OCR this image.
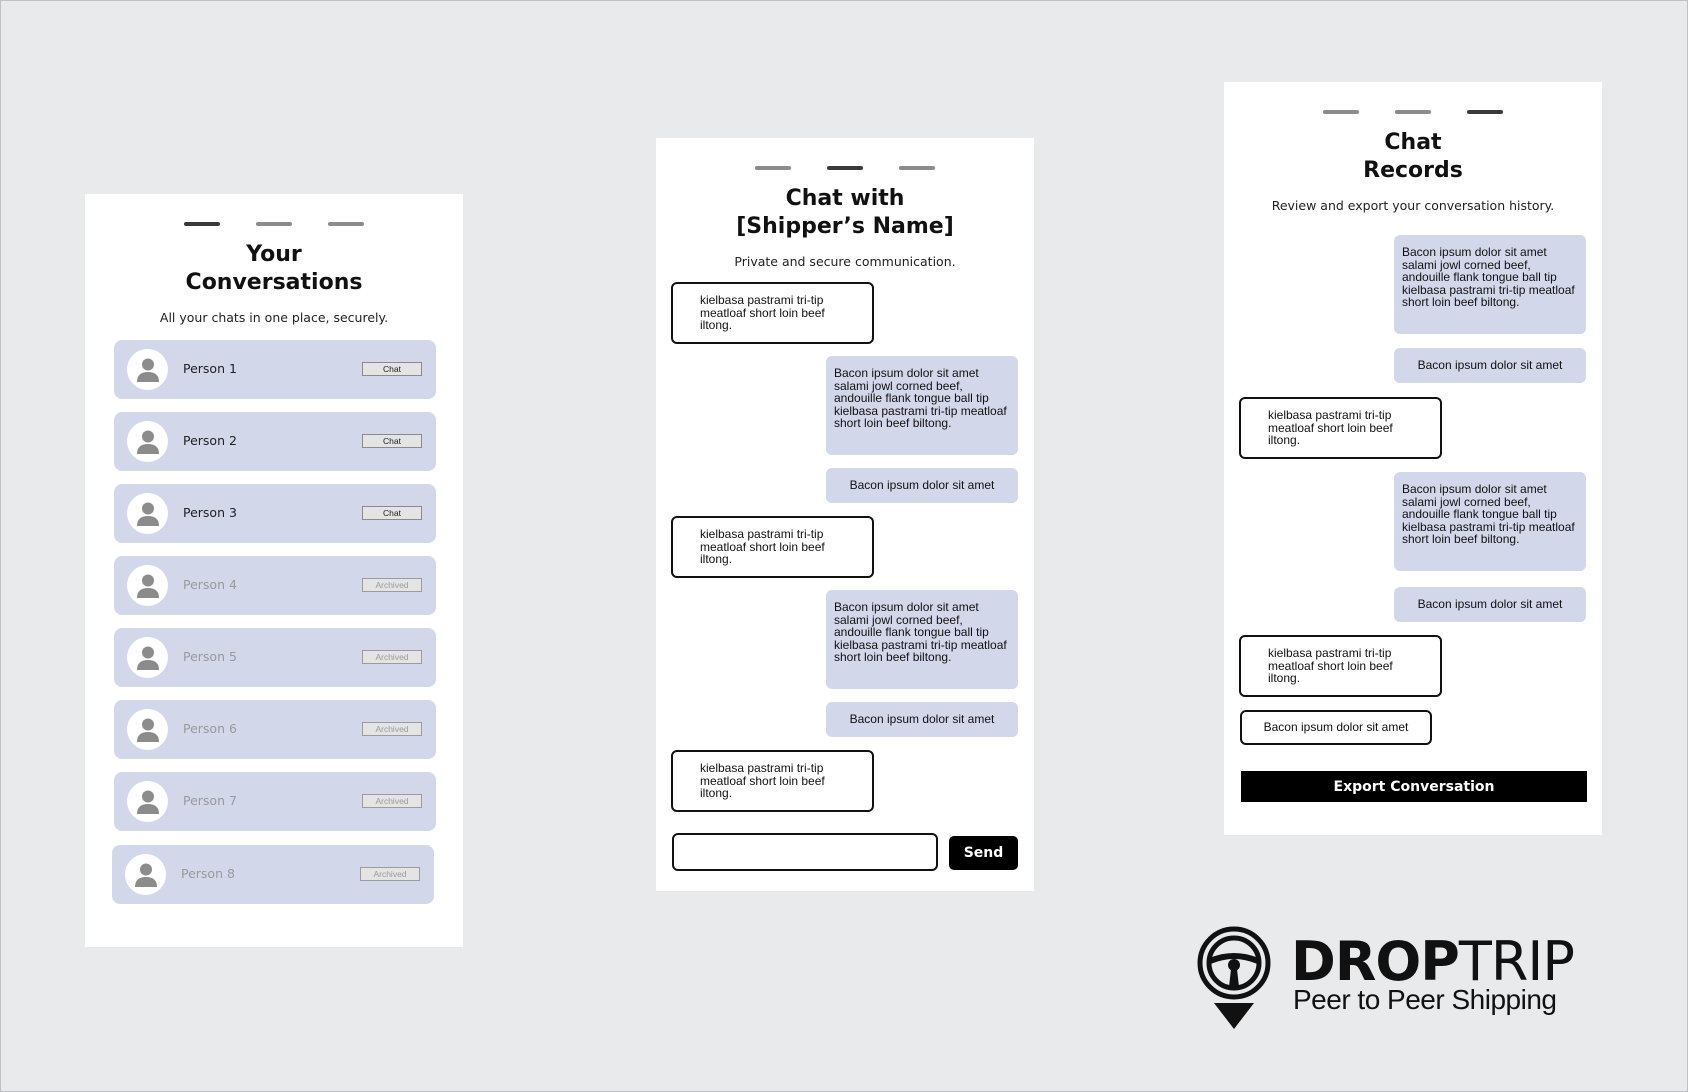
Your
Conversations
All your chats in one place, securely.
Person 1	Chat
Person 2	Chat
Person 3	Chat
Person 4	Archived
Person 5	Archived
Person 6	Archived
Person 7	Archived
Person 8	Archived
Chat with
[Shipper’s Name]
Private and secure communication.
kielbasa pastrami tri-tip meatloaf short loin beef iltong.
Bacon ipsum dolor sit amet salami jowl corned beef, andouille flank tongue ball tip kielbasa pastrami tri-tip meatloaf short loin beef biltong.
Bacon ipsum dolor sit amet
kielbasa pastrami tri-tip meatloaf short loin beef iltong.
Bacon ipsum dolor sit amet salami jowl corned beef, andouille flank tongue ball tip kielbasa pastrami tri-tip meatloaf short loin beef biltong.
Bacon ipsum dolor sit amet
kielbasa pastrami tri-tip meatloaf short loin beef iltong.
Send
Chat
Records
Review and export your conversation history.
Bacon ipsum dolor sit amet salami jowl corned beef, andouille flank tongue ball tip kielbasa pastrami tri-tip meatloaf short loin beef biltong.
Bacon ipsum dolor sit amet
kielbasa pastrami tri-tip meatloaf short loin beef iltong.
Bacon ipsum dolor sit amet salami jowl corned beef, andouille flank tongue ball tip kielbasa pastrami tri-tip meatloaf short loin beef biltong.
Bacon ipsum dolor sit amet
kielbasa pastrami tri-tip meatloaf short loin beef iltong.
Bacon ipsum dolor sit amet
Export Conversation
DROPTRIP
Peer to Peer Shipping
